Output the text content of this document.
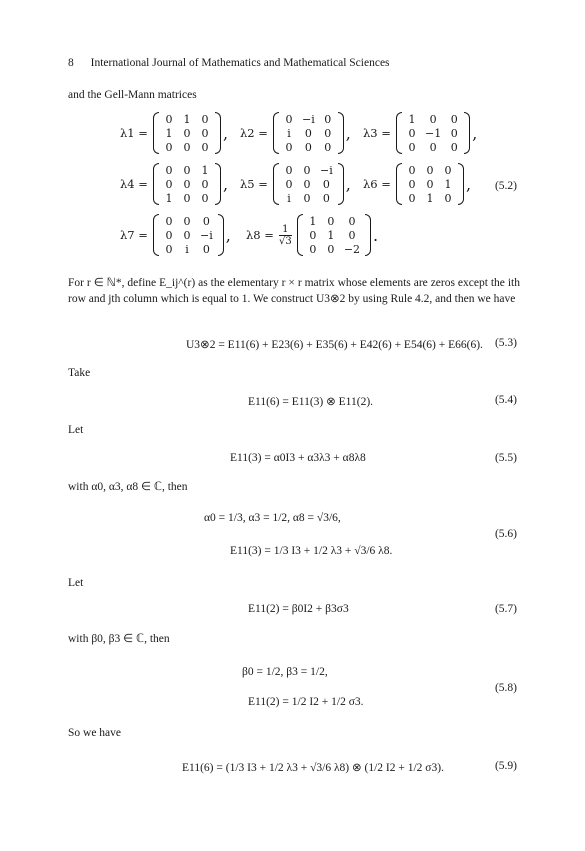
8 International Journal of Mathematics and Mathematical Sciences
and the Gell-Mann matrices
λ1 =
0	1	0
1	0	0
0	0	0
, λ2 =
0	−i	0
i	0	0
0	0	0
, λ3 =
1	0	0
0	−1	0
0	0	0
,
λ4 =
0	0	1
0	0	0
1	0	0
, λ5 =
0	0	−i
0	0	0
i	0	0
, λ6 =
0	0	0
0	0	1
0	1	0
, (5.2)
λ7 =
0	0	0
0	0	−i
0	i	0
, $\lambda 8 = \frac{1}{√3}$

1	0	0
0	1	0
0	0	−2
.
For r ∈ ℕ*, define E_ij^(r) as the elementary r × r matrix whose elements are zeros except the ith row and jth column which is equal to 1. We construct U3⊗2 by using Rule 4.2, and then we have
U3⊗2 = E11(6) + E23(6) + E35(6) + E42(6) + E54(6) + E66(6). (5.3)
Take
E11(6) = E11(3) ⊗ E11(2).	(5.4)
Let
E11(3) = α0I3 + α3λ3 + α8λ8	(5.5)
with α0, α3, α8 ∈ ℂ, then
α0 = 1/3, α3 = 1/2, α8 = √3/6,
E11(3) = 1/3 I3 + 1/2 λ3 + √3/6 λ8.
(5.6)
Let
E11(2) = β0I2 + β3σ3	(5.7)
with β0, β3 ∈ ℂ, then
β0 = 1/2, β3 = 1/2,
E11(2) = 1/2 I2 + 1/2 σ3.
(5.8)
So we have
E11(6) = (1/3 I3 + 1/2 λ3 + √3/6 λ8) ⊗ (1/2 I2 + 1/2 σ3).	(5.9)
